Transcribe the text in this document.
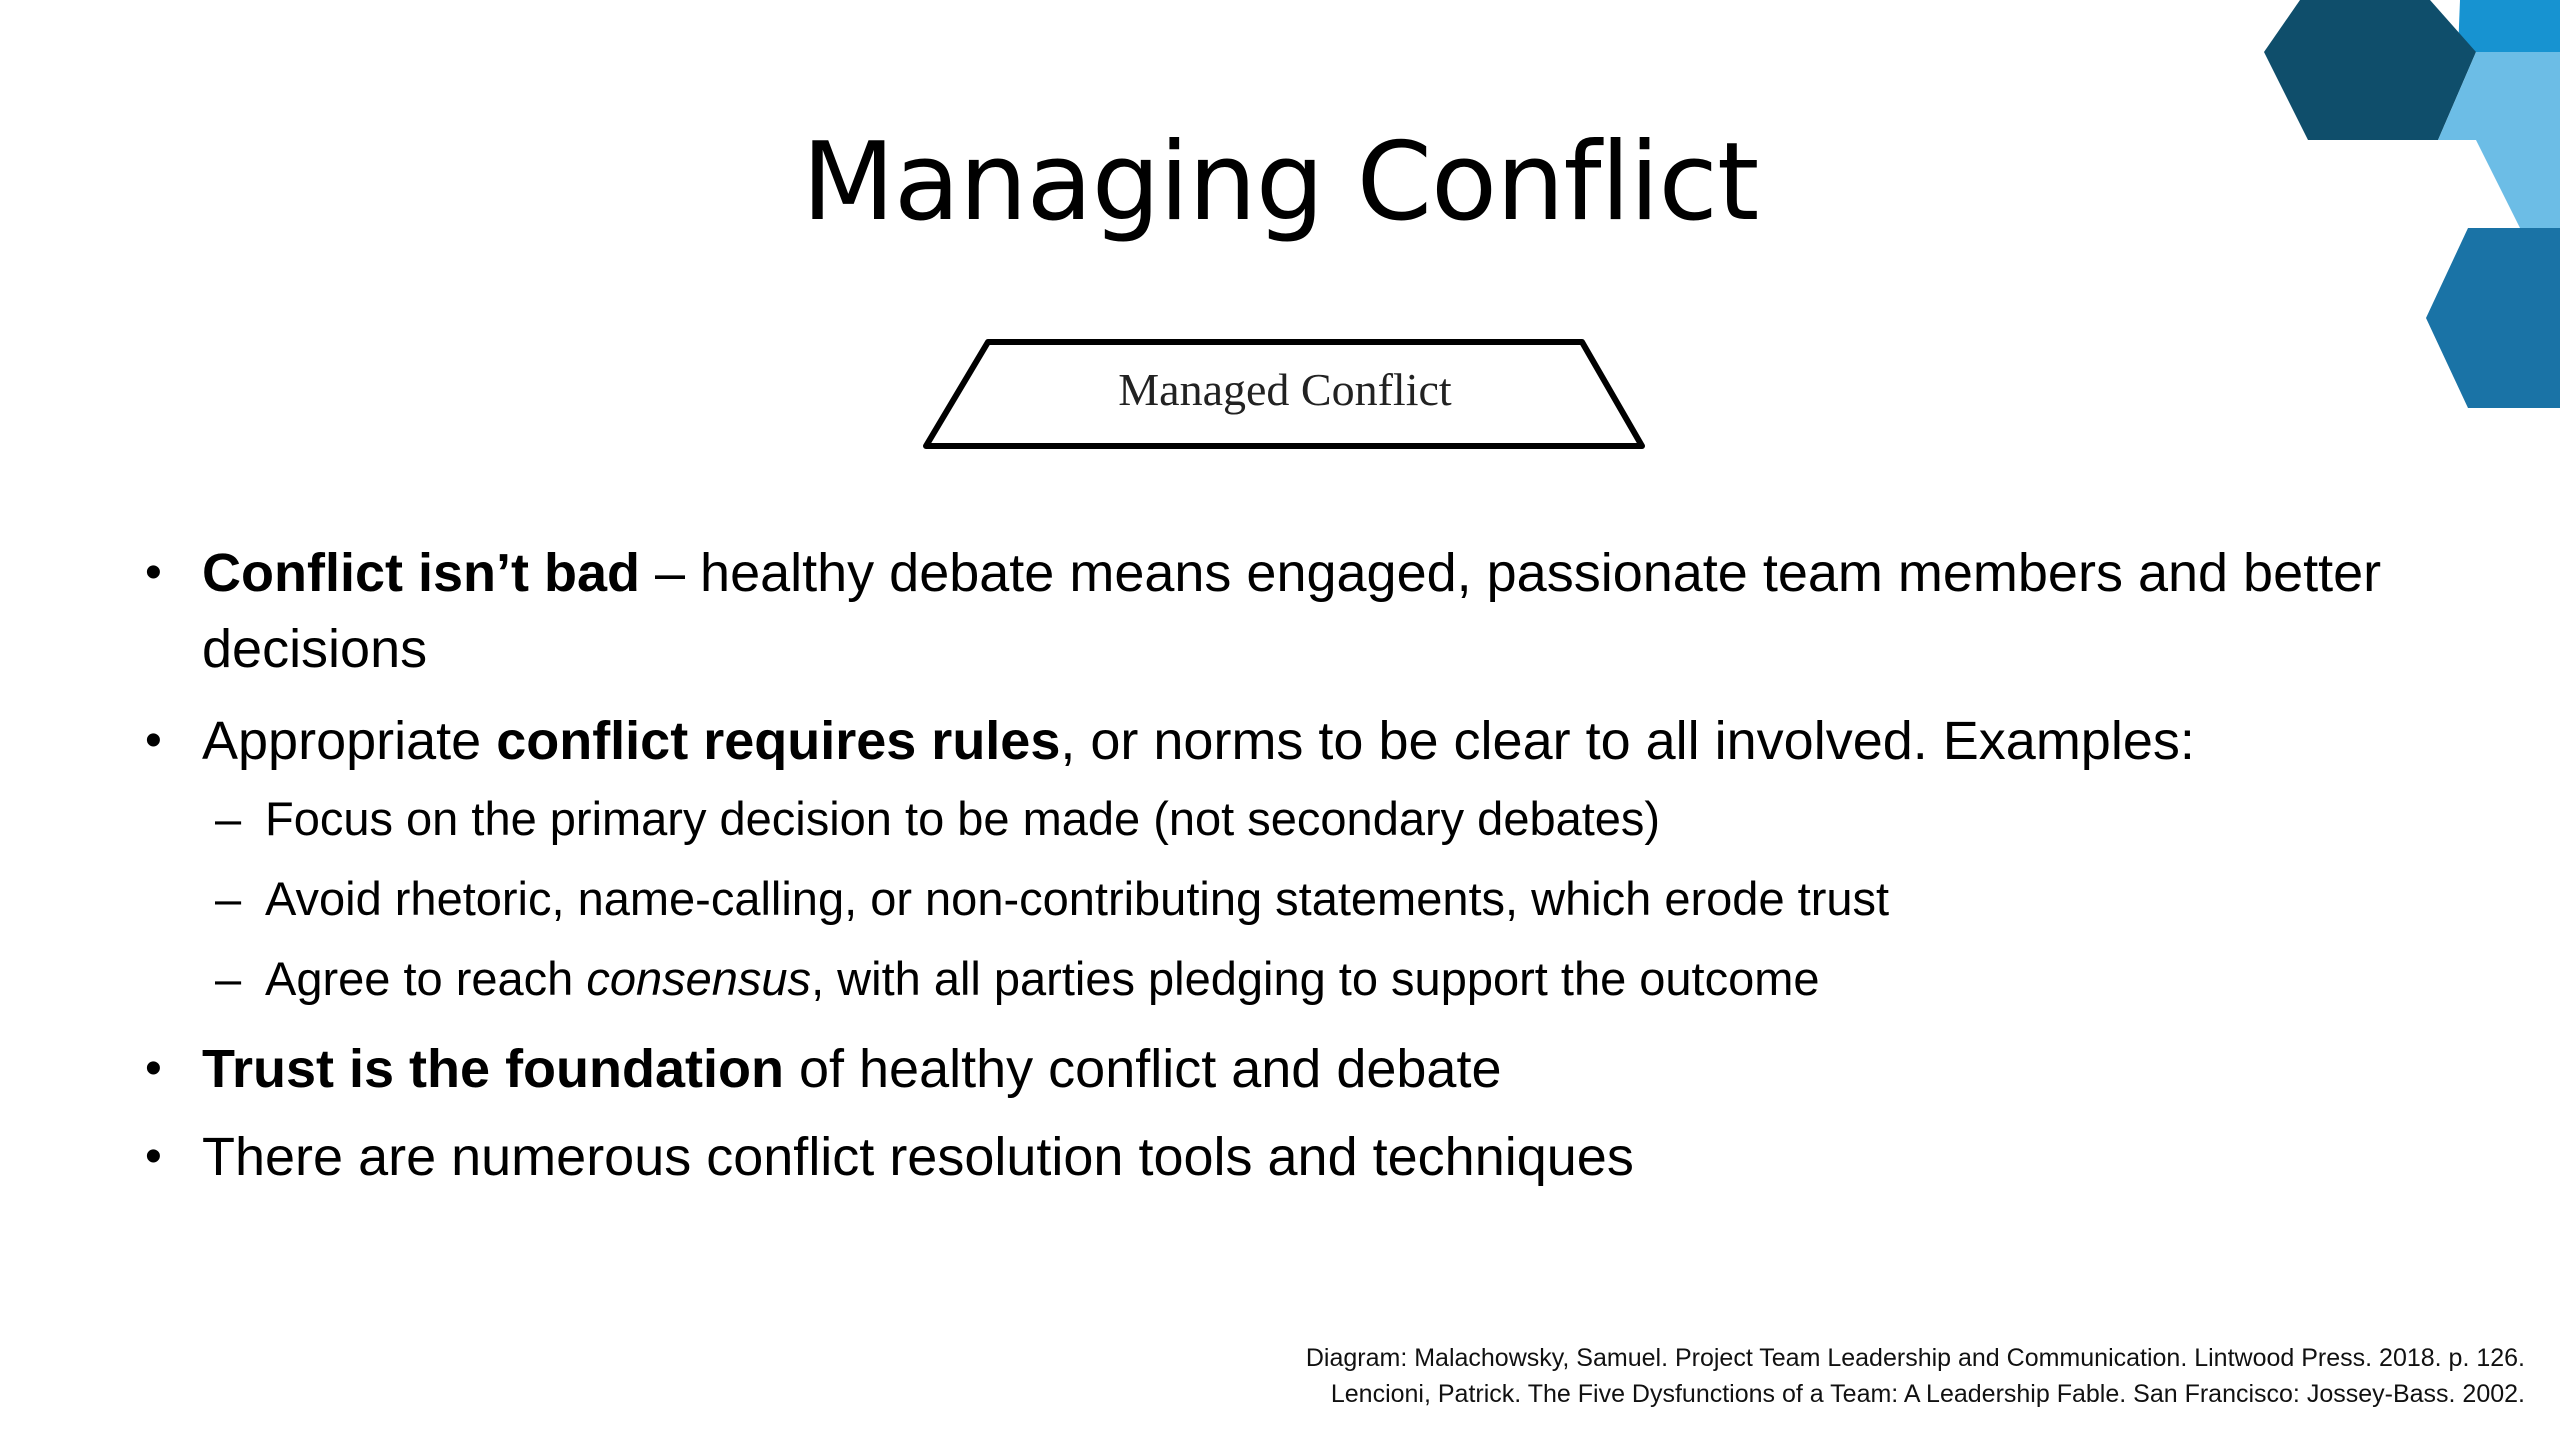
Managing Conflict
Managed Conflict

• Conflict isn’t bad – healthy debate means engaged, passionate team members and better decisions

• Appropriate conflict requires rules, or norms to be clear to all involved. Examples:

– Focus on the primary decision to be made (not secondary debates)

– Avoid rhetoric, name-calling, or non-contributing statements, which erode trust

– Agree to reach consensus, with all parties pledging to support the outcome

• Trust is the foundation of healthy conflict and debate

• There are numerous conflict resolution tools and techniques

Diagram: Malachowsky, Samuel. Project Team Leadership and Communication. Lintwood Press. 2018. p. 126.
Lencioni, Patrick. The Five Dysfunctions of a Team: A Leadership Fable. San Francisco: Jossey-Bass. 2002.
